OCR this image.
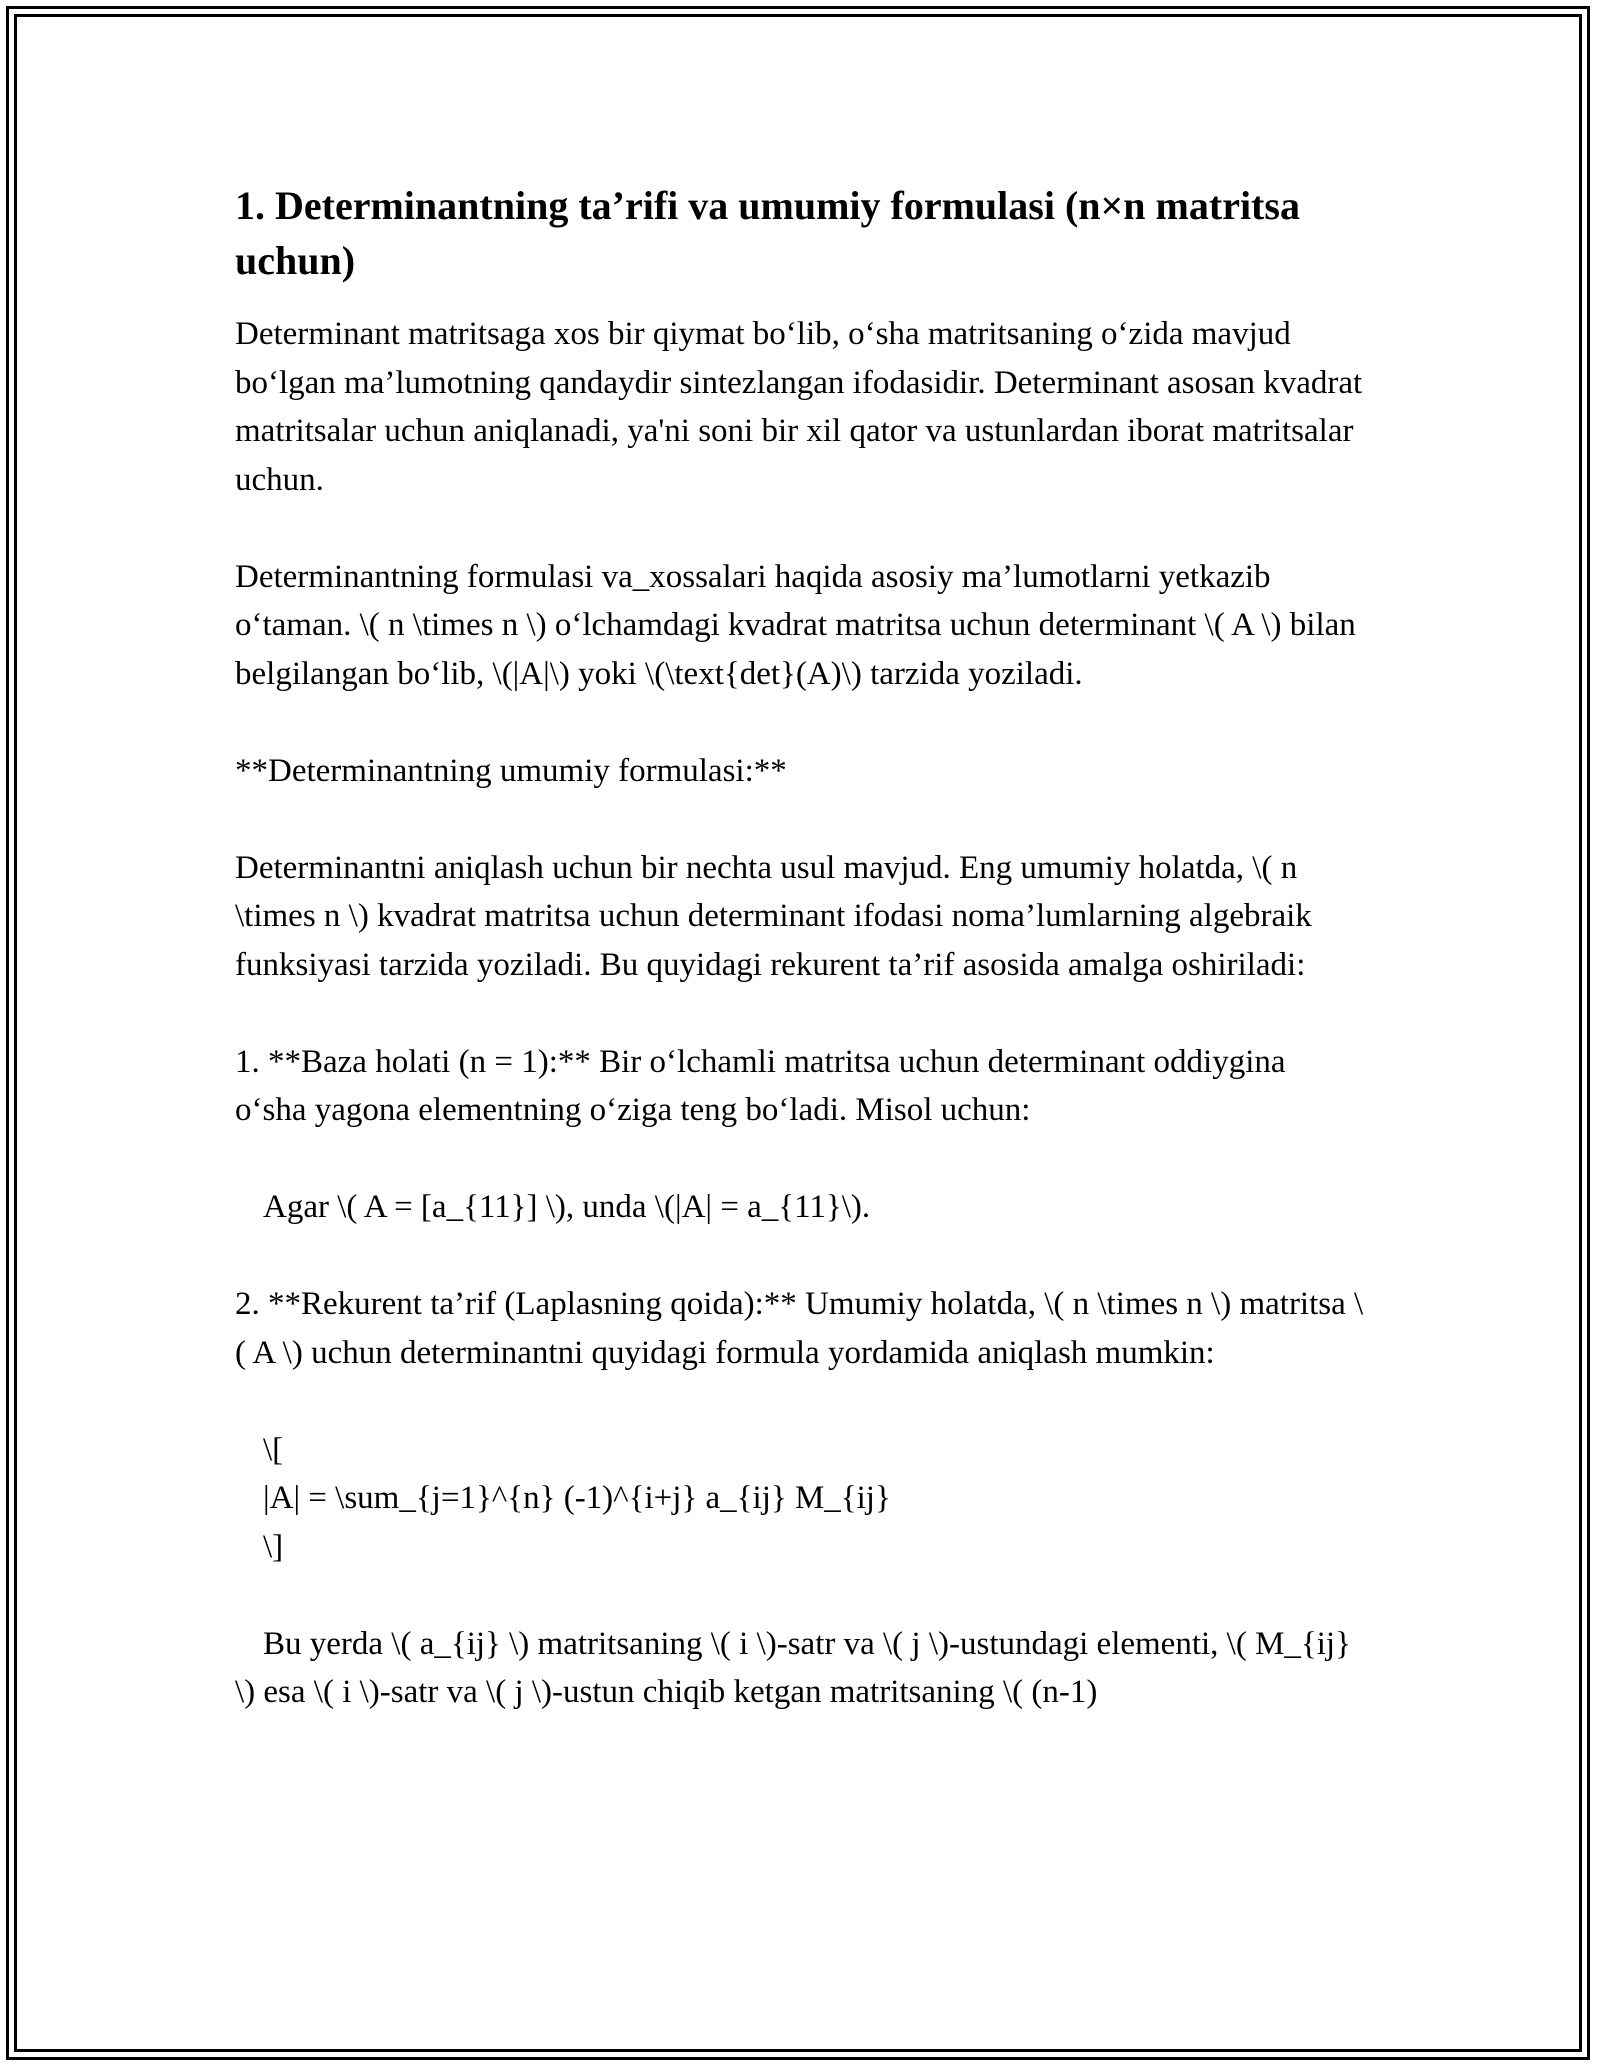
1. Determinantning ta’rifi va umumiy formulasi (n×n matritsa uchun)
Determinant matritsaga xos bir qiymat bo‘lib, o‘sha matritsaning o‘zida mavjud bo‘lgan ma’lumotning qandaydir sintezlangan ifodasidir. Determinant asosan kvadrat matritsalar uchun aniqlanadi, ya'ni soni bir xil qator va ustunlardan iborat matritsalar uchun.
Determinantning formulasi va_xossalari haqida asosiy ma’lumotlarni yetkazib o‘taman. \( n \times n \) o‘lchamdagi kvadrat matritsa uchun determinant \( A \) bilan belgilangan bo‘lib, \(|A|\) yoki \(\text{det}(A)\) tarzida yoziladi.
**Determinantning umumiy formulasi:**
Determinantni aniqlash uchun bir nechta usul mavjud. Eng umumiy holatda, \( n \times n \) kvadrat matritsa uchun determinant ifodasi noma’lumlarning algebraik funksiyasi tarzida yoziladi. Bu quyidagi rekurent ta’rif asosida amalga oshiriladi:
1. **Baza holati (n = 1):** Bir o‘lchamli matritsa uchun determinant oddiygina o‘sha yagona elementning o‘ziga teng bo‘ladi. Misol uchun:
Agar \( A = [a_{11}] \), unda \(|A| = a_{11}\).
2. **Rekurent ta’rif (Laplasning qoida):** Umumiy holatda, \( n \times n \) matritsa \( A \) uchun determinantni quyidagi formula yordamida aniqlash mumkin:
\[
|A| = \sum_{j=1}^{n} (-1)^{i+j} a_{ij} M_{ij}
\]
Bu yerda \( a_{ij} \) matritsaning \( i \)-satr va \( j \)-ustundagi elementi, \( M_{ij} \) esa \( i \)-satr va \( j \)-ustun chiqib ketgan matritsaning \( (n-1)
